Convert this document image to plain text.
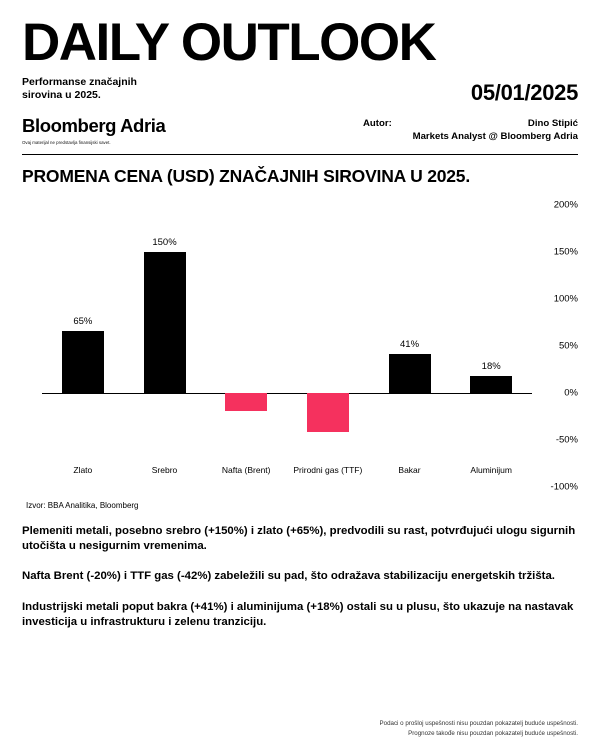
DAILY OUTLOOK
Performanse značajnih
sirovina u 2025.
Bloomberg Adria
Ovaj materijal ne predstavlja finansijski savet.
05/01/2025
Autor:	Dino Stipić
Markets Analyst @ Bloomberg Adria
PROMENA CENA (USD) ZNAČAJNIH SIROVINA U 2025.
200%
150%
100%
50%
0%
-50%
-100%
65%
150%
41%
18%
Zlato	Srebro	Nafta (Brent)	Prirodni gas (TTF)	Bakar	Aluminijum
Izvor: BBA Analitika, Bloomberg

Plemeniti metali, posebno srebro (+150%) i zlato (+65%), predvodili su rast, potvrđujući ulogu sigurnih utočišta u nesigurnim vremenima.

Nafta Brent (-20%) i TTF gas (-42%) zabeležili su pad, što odražava stabilizaciju energetskih tržišta.

Industrijski metali poput bakra (+41%) i aluminijuma (+18%) ostali su u plusu, što ukazuje na nastavak investicija u infrastrukturu i zelenu tranziciju.

Podaci o prošloj uspešnosti nisu pouzdan pokazatelj buduće uspešnosti.
Prognoze takođe nisu pouzdan pokazatelj buduće uspešnosti.
